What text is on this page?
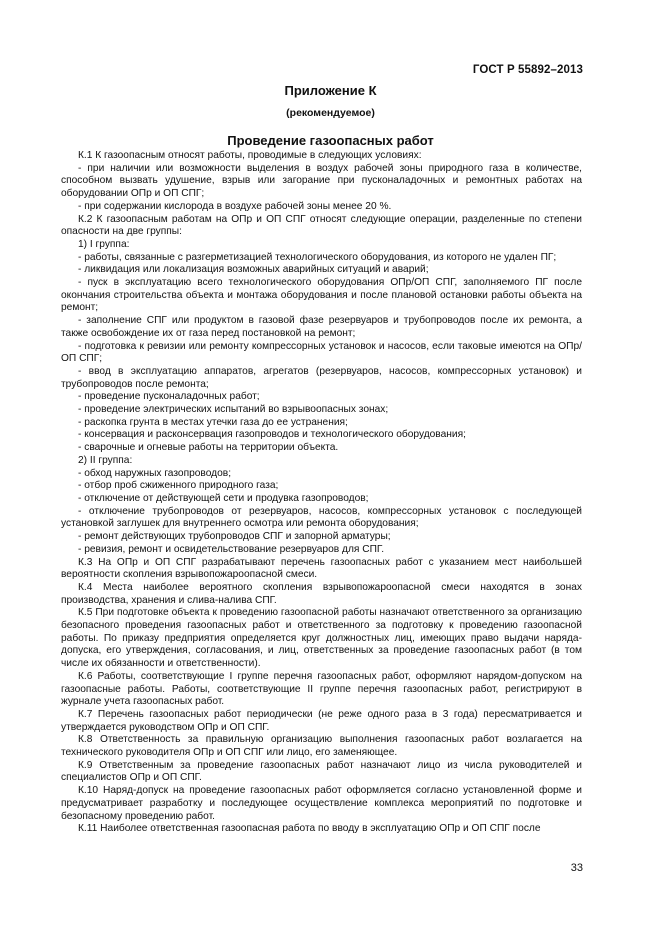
ГОСТ Р 55892–2013
Приложение К
(рекомендуемое)
Проведение газоопасных работ

К.1 К газоопасным относят работы, проводимые в следующих условиях:

- при наличии или возможности выделения в воздух рабочей зоны природного газа в количестве, способном вызвать удушение, взрыв или загорание при пусконаладочных и ремонтных работах на оборудовании ОПр и ОП СПГ;

- при содержании кислорода в воздухе рабочей зоны менее 20 %.

К.2 К газоопасным работам на ОПр и ОП СПГ относят следующие операции, разделенные по степени опасности на две группы:

1) I группа:

- работы, связанные с разгерметизацией технологического оборудования, из которого не удален ПГ;

- ликвидация или локализация возможных аварийных ситуаций и аварий;

- пуск в эксплуатацию всего технологического оборудования ОПр/ОП СПГ, заполняемого ПГ после окончания строительства объекта и монтажа оборудования и после плановой остановки работы объекта на ремонт;

- заполнение СПГ или продуктом в газовой фазе резервуаров и трубопроводов после их ремонта, а также освобождение их от газа перед постановкой на ремонт;

- подготовка к ревизии или ремонту компрессорных установок и насосов, если таковые имеются на ОПр/ОП СПГ;

- ввод в эксплуатацию аппаратов, агрегатов (резервуаров, насосов, компрессорных установок) и трубопроводов после ремонта;

- проведение пусконаладочных работ;

- проведение электрических испытаний во взрывоопасных зонах;

- раскопка грунта в местах утечки газа до ее устранения;

- консервация и расконсервация газопроводов и технологического оборудования;

- сварочные и огневые работы на территории объекта.

2) II группа:

- обход наружных газопроводов;

- отбор проб сжиженного природного газа;

- отключение от действующей сети и продувка газопроводов;

- отключение трубопроводов от резервуаров, насосов, компрессорных установок с последующей установкой заглушек для внутреннего осмотра или ремонта оборудования;

- ремонт действующих трубопроводов СПГ и запорной арматуры;

- ревизия, ремонт и освидетельствование резервуаров для СПГ.

К.3 На ОПр и ОП СПГ разрабатывают перечень газоопасных работ с указанием мест наибольшей вероятности скопления взрывопожароопасной смеси.

К.4 Места наиболее вероятного скопления взрывопожароопасной смеси находятся в зонах производства, хранения и слива-налива СПГ.

К.5 При подготовке объекта к проведению газоопасной работы назначают ответственного за организацию безопасного проведения газоопасных работ и ответственного за подготовку к проведению газоопасной работы. По приказу предприятия определяется круг должностных лиц, имеющих право выдачи наряда-допуска, его утверждения, согласования, и лиц, ответственных за проведение газоопасных работ (в том числе их обязанности и ответственности).

К.6 Работы, соответствующие I группе перечня газоопасных работ, оформляют нарядом-допуском на газоопасные работы. Работы, соответствующие II группе перечня газоопасных работ, регистрируют в журнале учета газоопасных работ.

К.7 Перечень газоопасных работ периодически (не реже одного раза в 3 года) пересматривается и утверждается руководством ОПр и ОП СПГ.

К.8 Ответственность за правильную организацию выполнения газоопасных работ возлагается на технического руководителя ОПр и ОП СПГ или лицо, его заменяющее.

К.9 Ответственным за проведение газоопасных работ назначают лицо из числа руководителей и специалистов ОПр и ОП СПГ.

К.10 Наряд-допуск на проведение газоопасных работ оформляется согласно установленной форме и предусматривает разработку и последующее осуществление комплекса мероприятий по подготовке и безопасному проведению работ.

К.11 Наиболее ответственная газоопасная работа по вводу в эксплуатацию ОПр и ОП СПГ после

33
